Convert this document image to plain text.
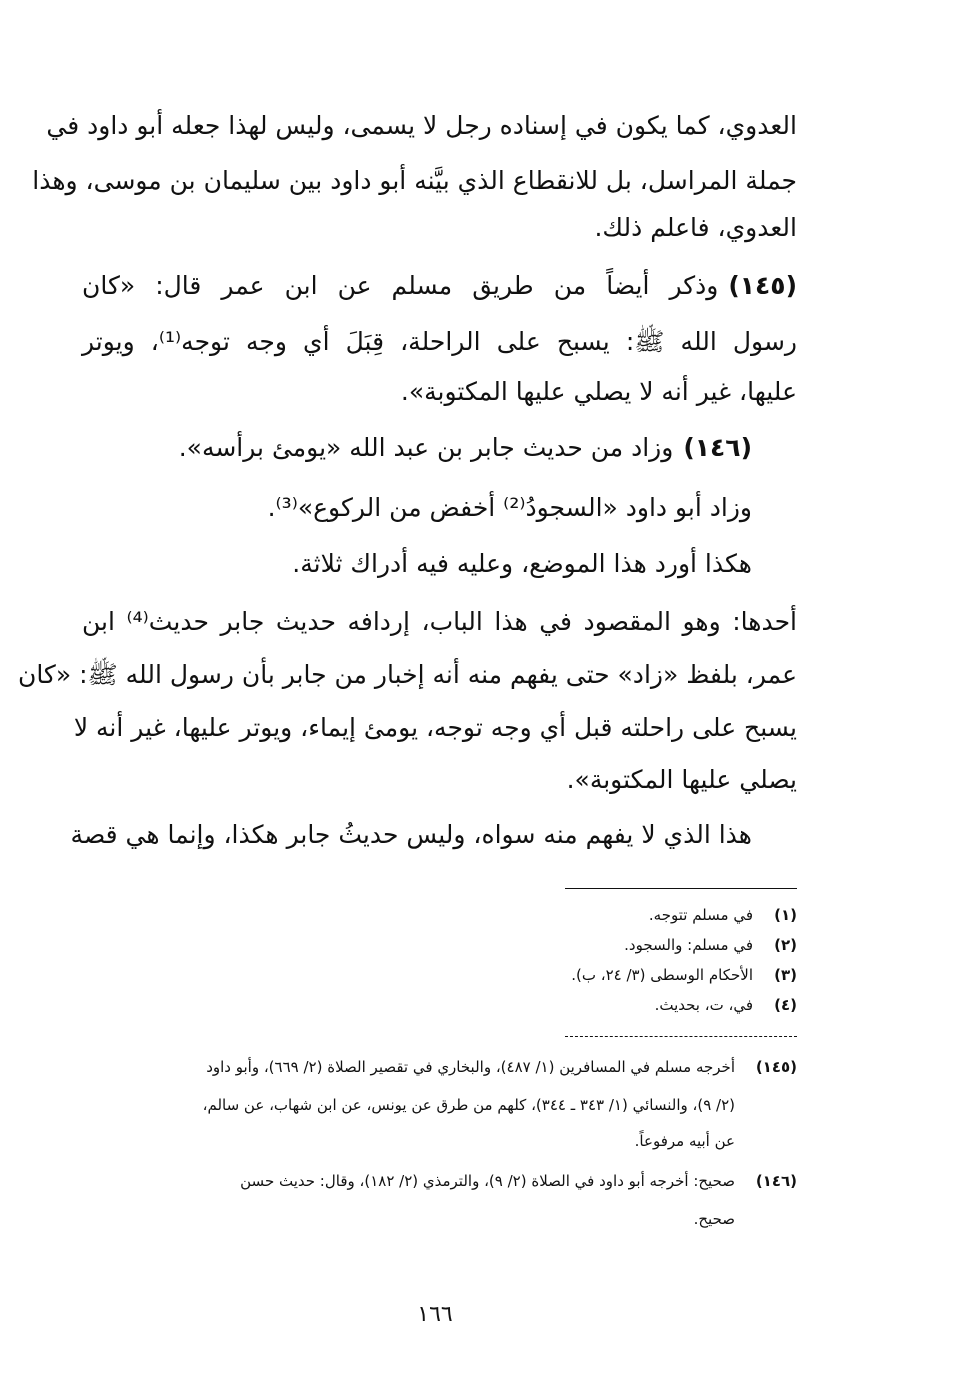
العدوي، كما يكون في إسناده رجل لا يسمى، وليس لهذا جعله أبو داود في
جملة المراسل، بل للانقطاع الذي بيَّنه أبو داود بين سليمان بن موسى، وهذا
العدوي، فاعلم ذلك.
(١٤٥)وذكر أيضاً من طريق مسلم عن ابن عمر قال: «كان
رسول الله ﷺ: يسبح على الراحلة، قِبَلَ أي وجه توجه⁽¹⁾، ويوتر
عليها، غير أنه لا يصلي عليها المكتوبة».
(١٤٦)وزاد من حديث جابر بن عبد الله «يومئ برأسه».
وزاد أبو داود «السجودُ⁽²⁾ أخفض من الركوع»⁽³⁾.
هكذا أورد هذا الموضع، وعليه فيه أدراك ثلاثة.
أحدها: وهو المقصود في هذا الباب، إردافه حديث جابر حديث⁽⁴⁾ ابن
عمر، بلفظ «زاد» حتى يفهم منه أنه إخبار من جابر بأن رسول الله ﷺ: «كان
يسبح على راحلته قبل أي وجه توجه، يومئ إيماء، ويوتر عليها، غير أنه لا
يصلي عليها المكتوبة».
هذا الذي لا يفهم منه سواه، وليس حديثُ جابر هكذا، وإنما هي قصة
(١)في مسلم تتوجه.
(٢)في مسلم: والسجود.
(٣)الأحكام الوسطى (٣/ ٢٤، ب).
(٤)في، ت، بحديث.
(١٤٥)أخرجه مسلم في المسافرين (١/ ٤٨٧)، والبخاري في تقصير الصلاة (٢/ ٦٦٩)، وأبو داود
(٢/ ٩)، والنسائي (١/ ٣٤٣ ـ ٣٤٤)، كلهم من طرق عن يونس، عن ابن شهاب، عن سالم،
عن أبيه مرفوعاً.
(١٤٦)صحيح: أخرجه أبو داود في الصلاة (٢/ ٩)، والترمذي (٢/ ١٨٢)، وقال: حديث حسن
صحيح.
١٦٦
